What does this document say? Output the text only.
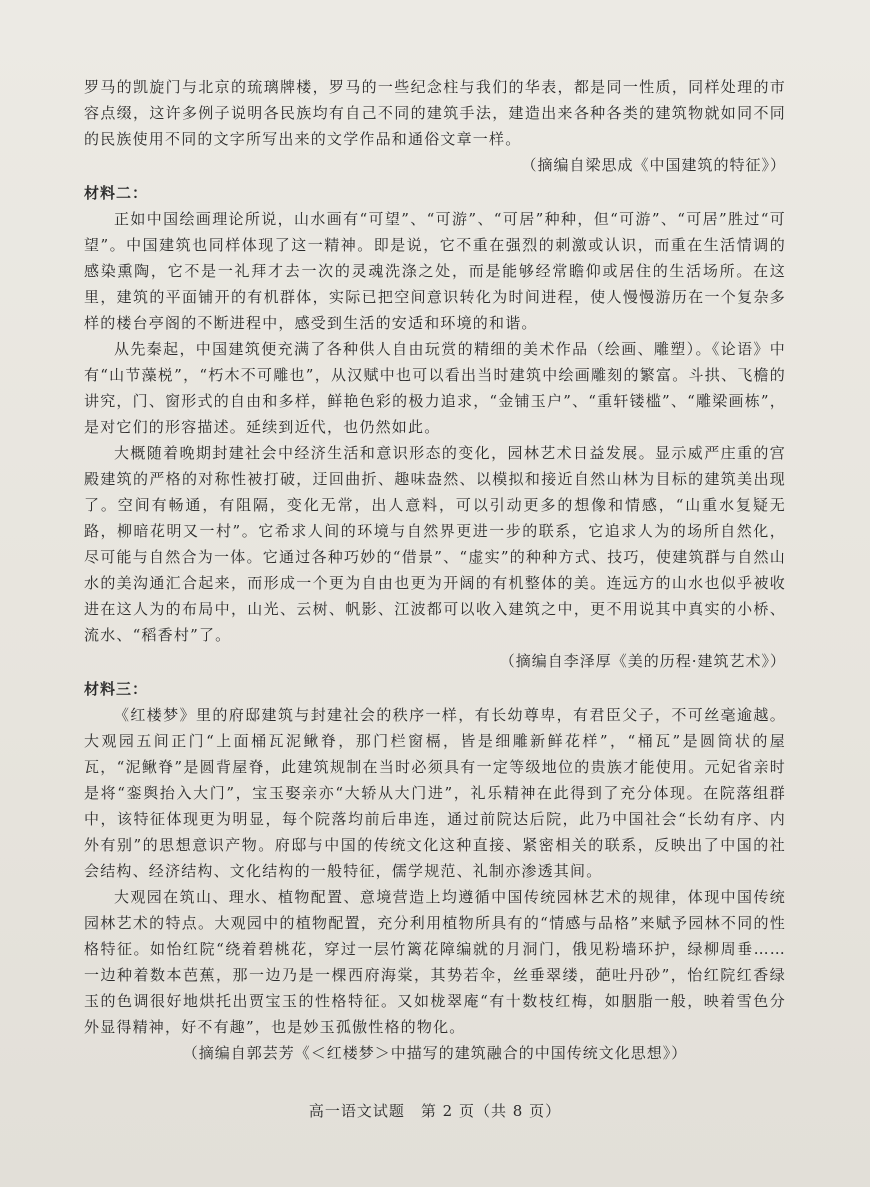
罗马的凯旋门与北京的琉璃牌楼，罗马的一些纪念柱与我们的华表，都是同一性质，同样处理的市容点缀，这许多例子说明各民族均有自己不同的建筑手法，建造出来各种各类的建筑物就如同不同的民族使用不同的文字所写出来的文学作品和通俗文章一样。

（摘编自梁思成《中国建筑的特征》）

材料二：

正如中国绘画理论所说，山水画有“可望”、“可游”、“可居”种种，但“可游”、“可居”胜过“可望”。中国建筑也同样体现了这一精神。即是说，它不重在强烈的刺激或认识，而重在生活情调的感染熏陶，它不是一礼拜才去一次的灵魂洗涤之处，而是能够经常瞻仰或居住的生活场所。在这里，建筑的平面铺开的有机群体，实际已把空间意识转化为时间进程，使人慢慢游历在一个复杂多样的楼台亭阁的不断进程中，感受到生活的安适和环境的和谐。

从先秦起，中国建筑便充满了各种供人自由玩赏的精细的美术作品（绘画、雕塑）。《论语》中有“山节藻棁”，“朽木不可雕也”，从汉赋中也可以看出当时建筑中绘画雕刻的繁富。斗拱、飞檐的讲究，门、窗形式的自由和多样，鲜艳色彩的极力追求，“金铺玉户”、“重轩镂槛”、“雕梁画栋”，是对它们的形容描述。延续到近代，也仍然如此。

大概随着晚期封建社会中经济生活和意识形态的变化，园林艺术日益发展。显示威严庄重的宫殿建筑的严格的对称性被打破，迂回曲折、趣味盎然、以模拟和接近自然山林为目标的建筑美出现了。空间有畅通，有阻隔，变化无常，出人意料，可以引动更多的想像和情感，“山重水复疑无路，柳暗花明又一村”。它希求人间的环境与自然界更进一步的联系，它追求人为的场所自然化，尽可能与自然合为一体。它通过各种巧妙的“借景”、“虚实”的种种方式、技巧，使建筑群与自然山水的美沟通汇合起来，而形成一个更为自由也更为开阔的有机整体的美。连远方的山水也似乎被收进在这人为的布局中，山光、云树、帆影、江波都可以收入建筑之中，更不用说其中真实的小桥、流水、“稻香村”了。

（摘编自李泽厚《美的历程·建筑艺术》）

材料三：

《红楼梦》里的府邸建筑与封建社会的秩序一样，有长幼尊卑，有君臣父子，不可丝毫逾越。大观园五间正门“上面桶瓦泥鳅脊，那门栏窗槅，皆是细雕新鲜花样”，“桶瓦”是圆筒状的屋瓦，“泥鳅脊”是圆背屋脊，此建筑规制在当时必须具有一定等级地位的贵族才能使用。元妃省亲时是将“銮舆抬入大门”，宝玉娶亲亦“大轿从大门进”，礼乐精神在此得到了充分体现。在院落组群中，该特征体现更为明显，每个院落均前后串连，通过前院达后院，此乃中国社会“长幼有序、内外有别”的思想意识产物。府邸与中国的传统文化这种直接、紧密相关的联系，反映出了中国的社会结构、经济结构、文化结构的一般特征，儒学规范、礼制亦渗透其间。

大观园在筑山、理水、植物配置、意境营造上均遵循中国传统园林艺术的规律，体现中国传统园林艺术的特点。大观园中的植物配置，充分利用植物所具有的“情感与品格”来赋予园林不同的性格特征。如怡红院“绕着碧桃花，穿过一层竹篱花障编就的月洞门，俄见粉墙环护，绿柳周垂……一边种着数本芭蕉，那一边乃是一棵西府海棠，其势若伞，丝垂翠缕，葩吐丹砂”，怡红院红香绿玉的色调很好地烘托出贾宝玉的性格特征。又如栊翠庵“有十数枝红梅，如胭脂一般，映着雪色分外显得精神，好不有趣”，也是妙玉孤傲性格的物化。

（摘编自郭芸芳《＜红楼梦＞中描写的建筑融合的中国传统文化思想》）

高一语文试题　第 2 页（共 8 页）
